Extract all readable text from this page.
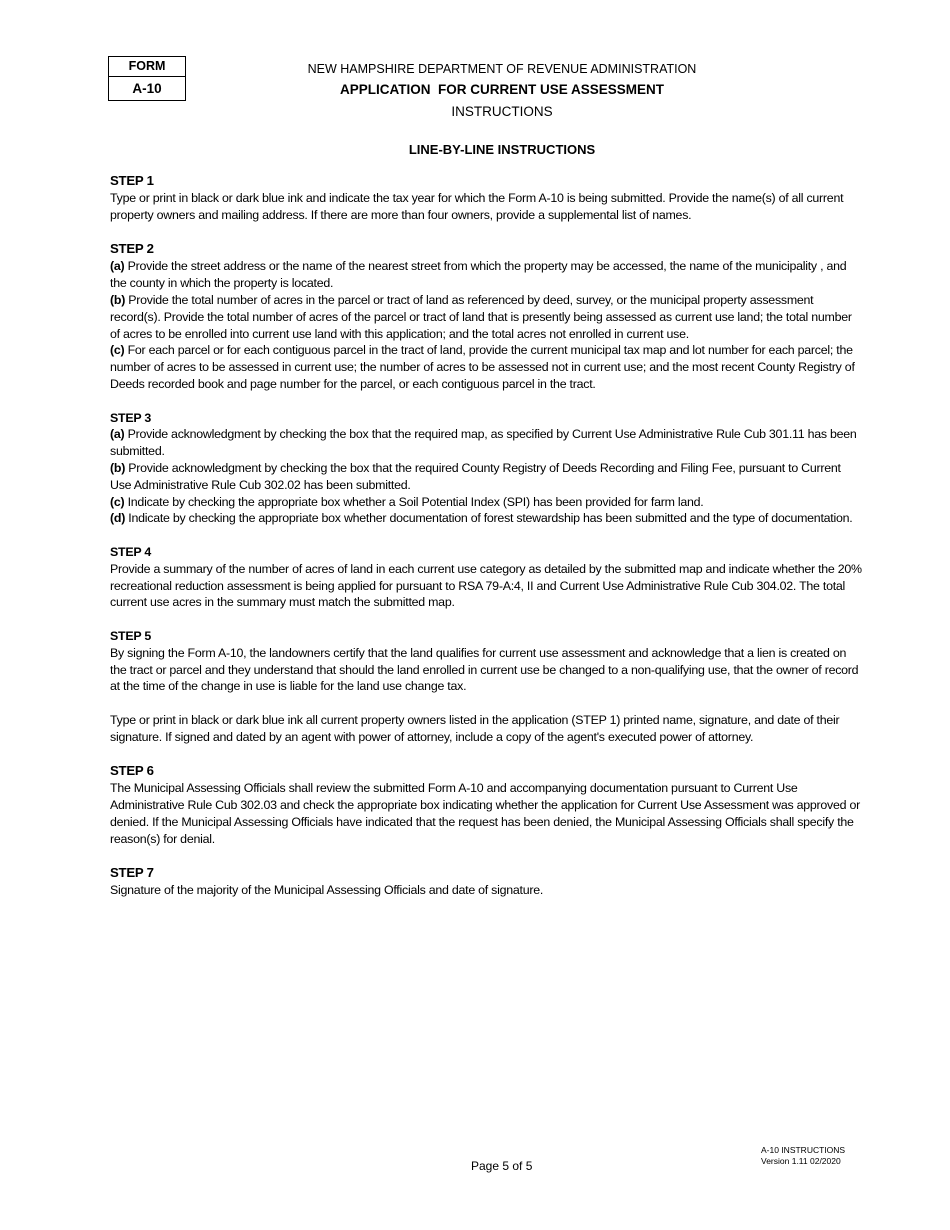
FORM
A-10
NEW HAMPSHIRE DEPARTMENT OF REVENUE ADMINISTRATION
APPLICATION  FOR CURRENT USE ASSESSMENT
INSTRUCTIONS
LINE-BY-LINE INSTRUCTIONS
STEP 1

Type or print in black or dark blue ink and indicate the tax year for which the Form A-10 is being submitted. Provide the name(s) of all current property owners and mailing address. If there are more than four owners, provide a supplemental list of names.

STEP 2

(a) Provide the street address or the name of the nearest street from which the property may be accessed, the name of the municipality , and the county in which the property is located.

(b) Provide the total number of acres in the parcel or tract of land as referenced by deed, survey, or the municipal property assessment record(s). Provide the total number of acres of the parcel or tract of land that is presently being assessed as current use land; the total number of acres to be enrolled into current use land with this application; and the total acres not enrolled in current use.

(c) For each parcel or for each contiguous parcel in the tract of land, provide the current municipal tax map and lot number for each parcel; the number of acres to be assessed in current use; the number of acres to be assessed not in current use; and the most recent County Registry of Deeds recorded book and page number for the parcel, or each contiguous parcel in the tract.

STEP 3

(a) Provide acknowledgment by checking the box that the required map, as specified by Current Use Administrative Rule Cub 301.11 has been submitted.

(b) Provide acknowledgment by checking the box that the required County Registry of Deeds Recording and Filing Fee, pursuant to Current Use Administrative Rule Cub 302.02 has been submitted.

(c) Indicate by checking the appropriate box whether a Soil Potential Index (SPI) has been provided for farm land.

(d) Indicate by checking the appropriate box whether documentation of forest stewardship has been submitted and the type of documentation.

STEP 4

Provide a summary of the number of acres of land in each current use category as detailed by the submitted map and indicate whether the 20% recreational reduction assessment is being applied for pursuant to RSA 79-A:4, II and Current Use Administrative Rule Cub 304.02. The total current use acres in the summary must match the submitted map.

STEP 5

By signing the Form A-10, the landowners certify that the land qualifies for current use assessment and acknowledge that a lien is created on the tract or parcel and they understand that should the land enrolled in current use be changed to a non-qualifying use, that the owner of record at the time of the change in use is liable for the land use change tax.

Type or print in black or dark blue ink all current property owners listed in the application (STEP 1) printed name, signature, and date of their signature. If signed and dated by an agent with power of attorney, include a copy of the agent's executed power of attorney.

STEP 6

The Municipal Assessing Officials shall review the submitted Form A-10 and accompanying documentation pursuant to Current Use Administrative Rule Cub 302.03 and check the appropriate box indicating whether the application for Current Use Assessment was approved or denied. If the Municipal Assessing Officials have indicated that the request has been denied, the Municipal Assessing Officials shall specify the reason(s) for denial.

STEP 7

Signature of the majority of the Municipal Assessing Officials and date of signature.

Page 5 of 5
A-10 INSTRUCTIONS
Version 1.11 02/2020
